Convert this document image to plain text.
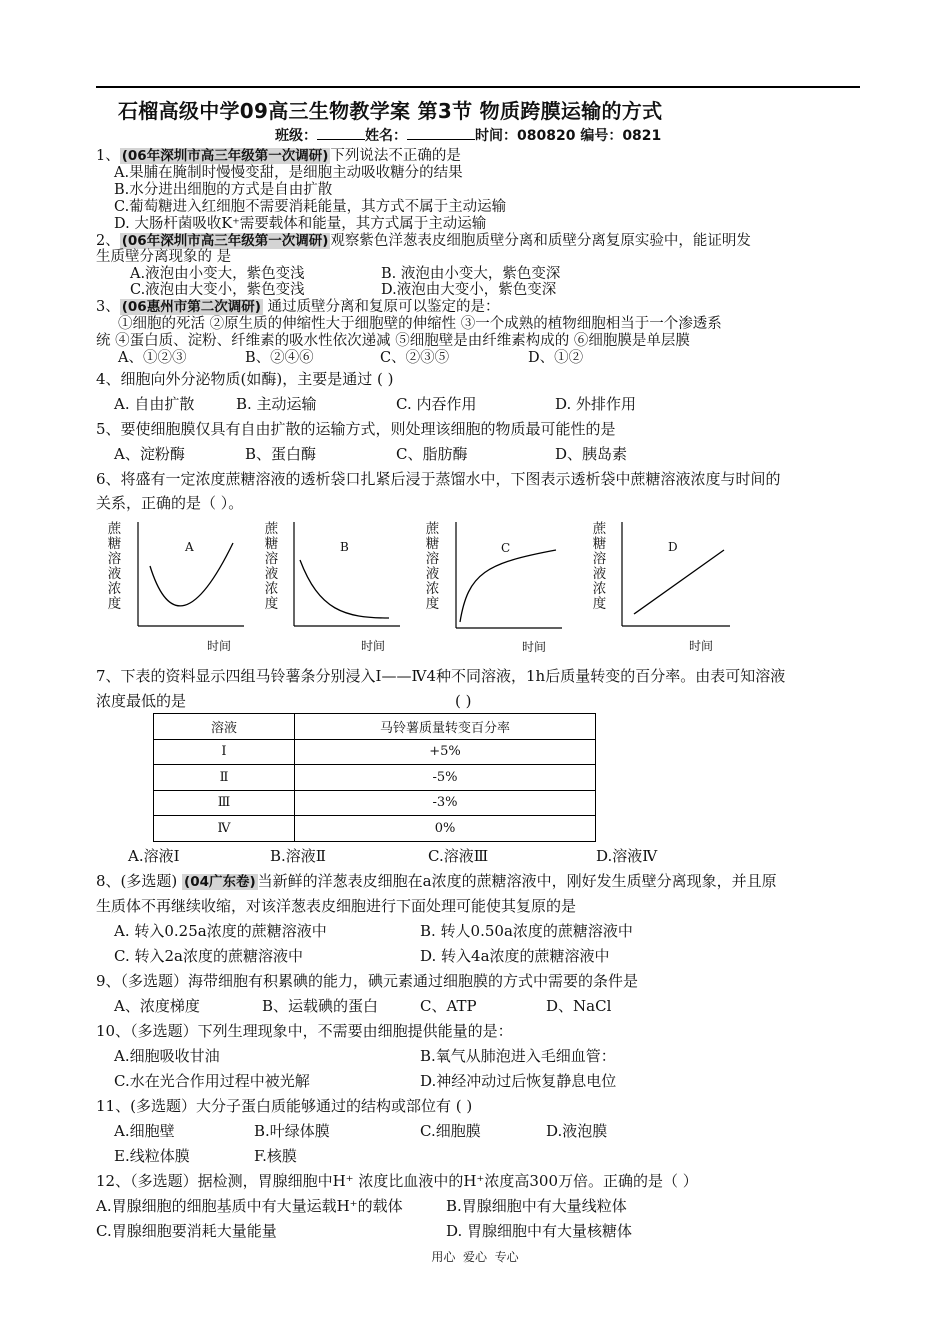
石榴高级中学09高三生物教学案 第3节 物质跨膜运输的方式
班级：	姓名：	时间：080820 编号：0821
1、 (06年深圳市高三年级第一次调研) 下列说法不正确的是
A.果脯在腌制时慢慢变甜，是细胞主动吸收糖分的结果
B.水分进出细胞的方式是自由扩散
C.葡萄糖进入红细胞不需要消耗能量，其方式不属于主动运输
D. 大肠杆菌吸收K⁺需要载体和能量，其方式属于主动运输
2、 (06年深圳市高三年级第一次调研) 观察紫色洋葱表皮细胞质壁分离和质壁分离复原实验中，能证明发
生质壁分离现象的 是
A.液泡由小变大，紫色变浅	B. 液泡由小变大，紫色变深
C.液泡由大变小，紫色变浅	D.液泡由大变小，紫色变深
3、 (06惠州市第二次调研) 通过质壁分离和复原可以鉴定的是：
①细胞的死活 ②原生质的伸缩性大于细胞壁的伸缩性 ③一个成熟的植物细胞相当于一个渗透系
统 ④蛋白质、淀粉、纤维素的吸水性依次递减 ⑤细胞壁是由纤维素构成的 ⑥细胞膜是单层膜
A、①②③	B、②④⑥	C、②③⑤	D、①②
4、细胞向外分泌物质(如酶)，主要是通过 ( )
A. 自由扩散	B. 主动运输	C. 内吞作用	D. 外排作用
5、要使细胞膜仅具有自由扩散的运输方式，则处理该细胞的物质最可能性的是
A、淀粉酶	B、蛋白酶	C、脂肪酶	D、胰岛素
6、将盛有一定浓度蔗糖溶液的透析袋口扎紧后浸于蒸馏水中，下图表示透析袋中蔗糖溶液浓度与时间的
关系，正确的是（ ）。
蔗糖溶液浓度
A
时间
蔗糖溶液浓度
B
时间
蔗糖溶液浓度
C
时间
蔗糖溶液浓度
D
时间
7、下表的资料显示四组马铃薯条分别浸入Ⅰ——Ⅳ4种不同溶液，1h后质量转变的百分率。由表可知溶液
浓度最低的是	( )
溶液	马铃薯质量转变百分率
Ⅰ	+5%
Ⅱ	-5%
Ⅲ	-3%
Ⅳ	0%
A.溶液Ⅰ	B.溶液Ⅱ	C.溶液Ⅲ	D.溶液Ⅳ
8、(多选题) (04广东卷) 当新鲜的洋葱表皮细胞在a浓度的蔗糖溶液中，刚好发生质壁分离现象，并且原
生质体不再继续收缩，对该洋葱表皮细胞进行下面处理可能使其复原的是
A. 转入0.25a浓度的蔗糖溶液中	B. 转人0.50a浓度的蔗糖溶液中
C. 转入2a浓度的蔗糖溶液中	D. 转入4a浓度的蔗糖溶液中
9、（多选题）海带细胞有积累碘的能力，碘元素通过细胞膜的方式中需要的条件是
A、浓度梯度	B、运载碘的蛋白	C、ATP	D、NaCl
10、（多选题）下列生理现象中，不需要由细胞提供能量的是：
A.细胞吸收甘油	B.氧气从肺泡进入毛细血管：
C.水在光合作用过程中被光解	D.神经冲动过后恢复静息电位
11、(多选题）大分子蛋白质能够通过的结构或部位有 ( )
A.细胞壁	B.叶绿体膜	C.细胞膜	D.液泡膜
E.线粒体膜	F.核膜
12、（多选题）据检测，胃腺细胞中H⁺ 浓度比血液中的H⁺浓度高300万倍。正确的是（ ）
A.胃腺细胞的细胞基质中有大量运载H⁺的载体	B.胃腺细胞中有大量线粒体
C.胃腺细胞要消耗大量能量	D. 胃腺细胞中有大量核糖体
用心  爱心  专心
